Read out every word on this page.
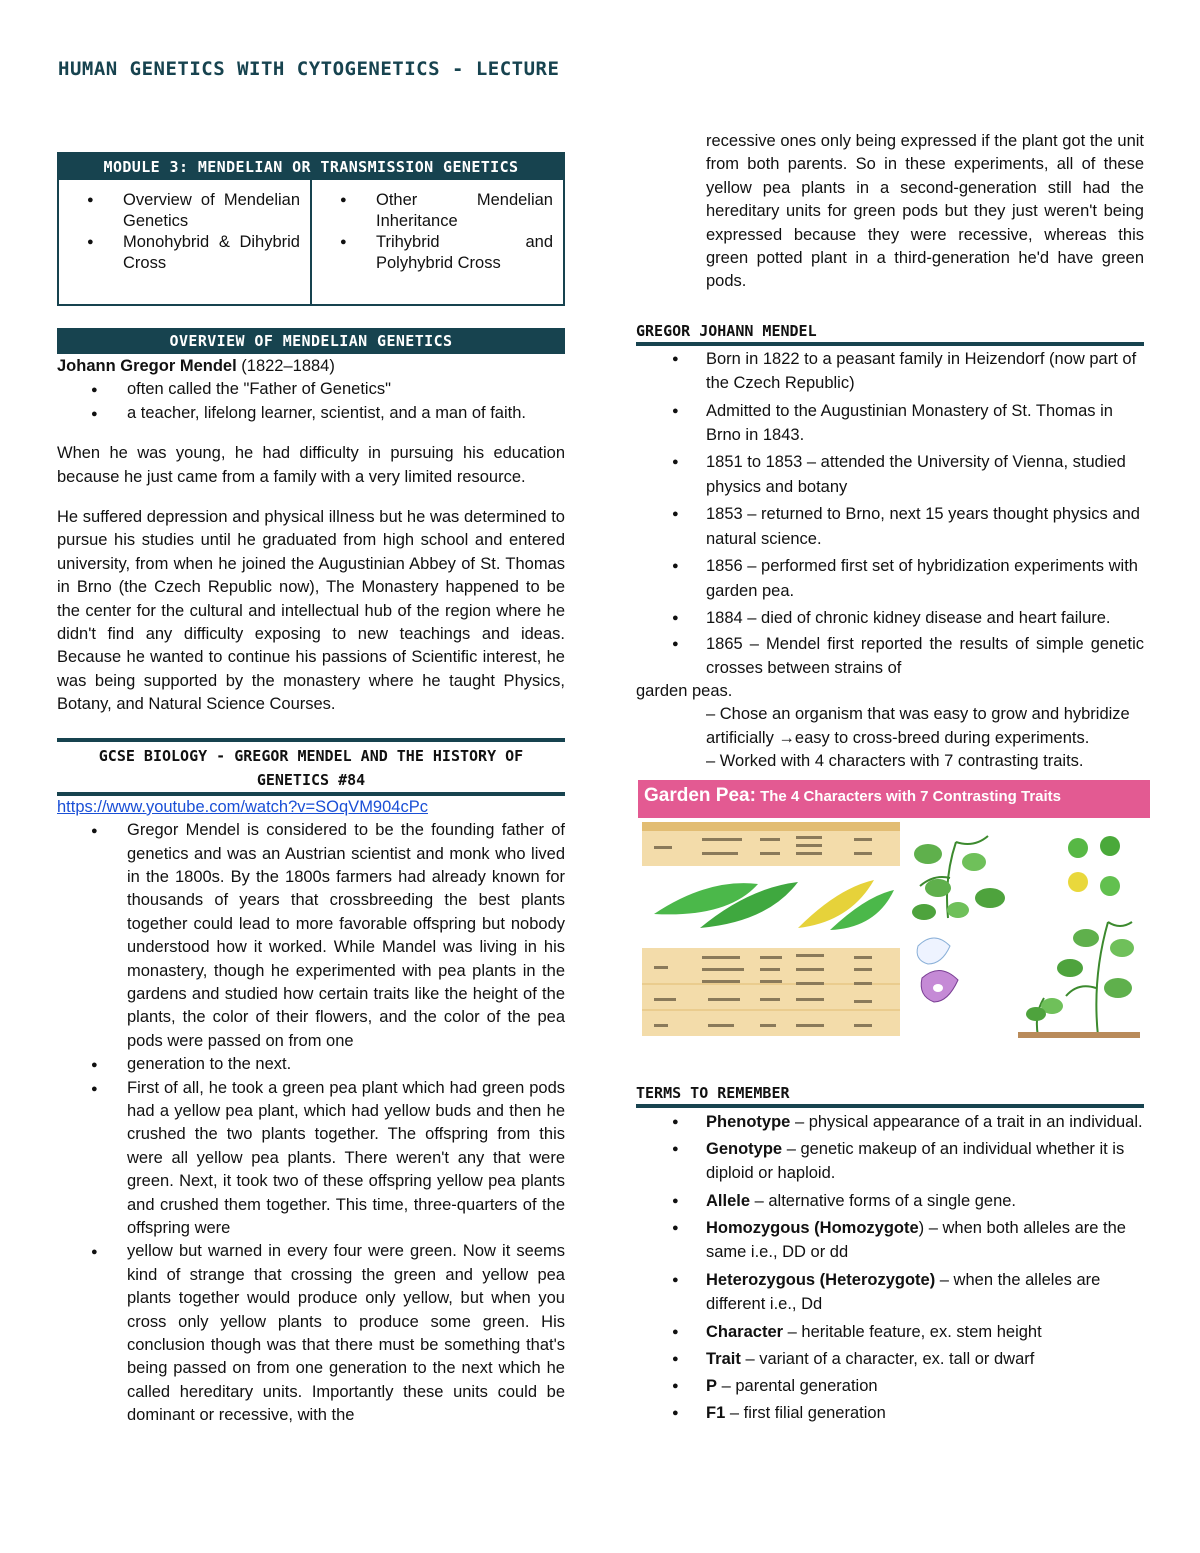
HUMAN GENETICS WITH CYTOGENETICS - LECTURE
MODULE 3: MENDELIAN OR TRANSMISSION GENETICS
● Overview of Mendelian Genetics
● Monohybrid & Dihybrid Cross
● Other Mendelian Inheritance
● Trihybrid and Polyhybrid Cross
OVERVIEW OF MENDELIAN GENETICS

Johann Gregor Mendel (1822–1884)

● often called the "Father of Genetics"
● a teacher, lifelong learner, scientist, and a man of faith.

When he was young, he had difficulty in pursuing his education because he just came from a family with a very limited resource.

He suffered depression and physical illness but he was determined to pursue his studies until he graduated from high school and entered university, from when he joined the Augustinian Abbey of St. Thomas in Brno (the Czech Republic now), The Monastery happened to be the center for the cultural and intellectual hub of the region where he didn't find any difficulty exposing to new teachings and ideas. Because he wanted to continue his passions of Scientific interest, he was being supported by the monastery where he taught Physics, Botany, and Natural Science Courses.

GCSE BIOLOGY - GREGOR MENDEL AND THE HISTORY OF
GENETICS #84

https://www.youtube.com/watch?v=SOqVM904cPc

● Gregor Mendel is considered to be the founding father of genetics and was an Austrian scientist and monk who lived in the 1800s. By the 1800s farmers had already known for thousands of years that crossbreeding the best plants together could lead to more favorable offspring but nobody understood how it worked. While Mandel was living in his monastery, though he experimented with pea plants in the gardens and studied how certain traits like the height of the plants, the color of their flowers, and the color of the pea pods were passed on from one
● generation to the next.
● First of all, he took a green pea plant which had green pods had a yellow pea plant, which had yellow buds and then he crushed the two plants together. The offspring from this were all yellow pea plants. There weren't any that were green. Next, it took two of these offspring yellow pea plants and crushed them together. This time, three-quarters of the offspring were
● yellow but warned in every four were green. Now it seems kind of strange that crossing the green and yellow pea plants together would produce only yellow, but when you cross only yellow plants to produce some green. His conclusion though was that there must be something that's being passed on from one generation to the next which he called hereditary units. Importantly these units could be dominant or recessive, with the

recessive ones only being expressed if the plant got the unit from both parents. So in these experiments, all of these yellow pea plants in a second-generation still had the hereditary units for green pods but they just weren't being expressed because they were recessive, whereas this green potted plant in a third-generation he'd have green pods.

GREGOR JOHANN MENDEL
● Born in 1822 to a peasant family in Heizendorf (now part of the Czech Republic)
● Admitted to the Augustinian Monastery of St. Thomas in Brno in 1843.
● 1851 to 1853 – attended the University of Vienna, studied physics and botany
● 1853 – returned to Brno, next 15 years thought physics and natural science.
● 1856 – performed first set of hybridization experiments with garden pea.
● 1884 – died of chronic kidney disease and heart failure.
● 1865 – Mendel first reported the results of simple genetic crosses between strains of

garden peas.

– Chose an organism that was easy to grow and hybridize artificially →easy to cross-breed during experiments.

– Worked with 4 characters with 7 contrasting traits.

Garden Pea: The 4 Characters with 7 Contrasting Traits
TERMS TO REMEMBER
● Phenotype – physical appearance of a trait in an individual.
● Genotype – genetic makeup of an individual whether it is diploid or haploid.
● Allele – alternative forms of a single gene.
● Homozygous (Homozygote) – when both alleles are the same i.e., DD or dd
● Heterozygous (Heterozygote) – when the alleles are different i.e., Dd
● Character – heritable feature, ex. stem height
● Trait – variant of a character, ex. tall or dwarf
● P – parental generation
● F1 – first filial generation
